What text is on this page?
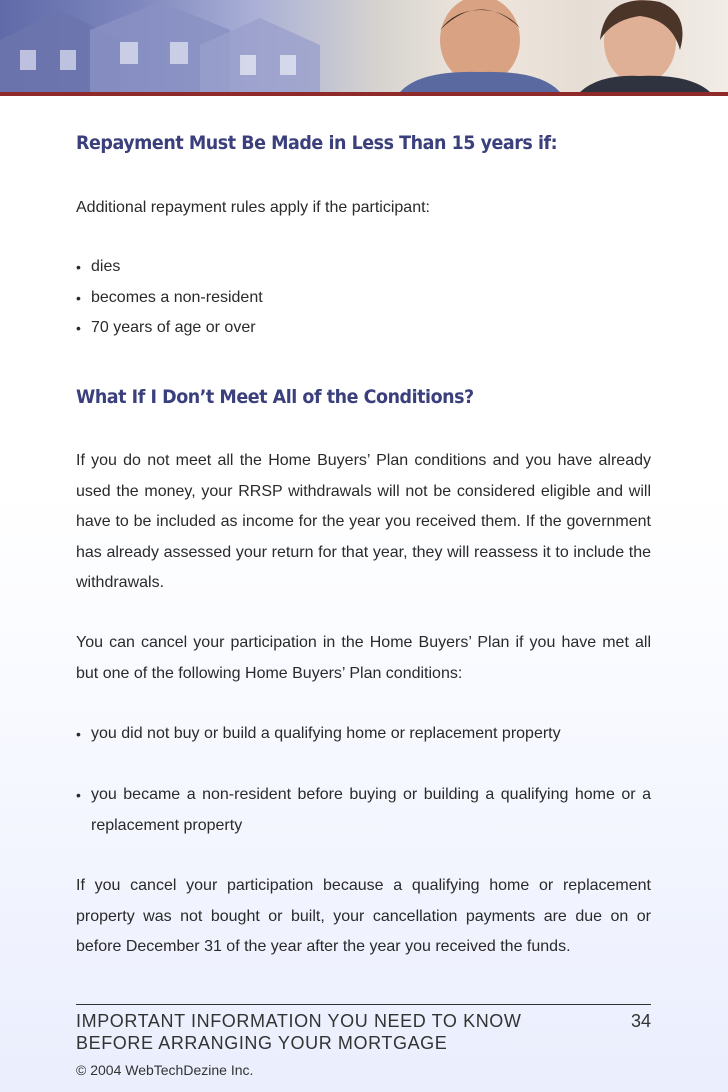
Repayment Must Be Made in Less Than 15 years if:

Additional repayment rules apply if the participant:

• dies
• becomes a non-resident
• 70 years of age or over
What If I Don’t Meet All of the Conditions?

If you do not meet all the Home Buyers’ Plan conditions and you have already used the money, your RRSP withdrawals will not be considered eligible and will have to be included as income for the year you received them. If the government has already assessed your return for that year, they will reassess it to include the withdrawals.

You can cancel your participation in the Home Buyers’ Plan if you have met all but one of the following Home Buyers’ Plan conditions:

• you did not buy or build a qualifying home or replacement property
• you became a non-resident before buying or building a qualifying home or a replacement property

If you cancel your participation because a qualifying home or replacement property was not bought or built, your cancellation payments are due on or before December 31 of the year after the year you received the funds.

IMPORTANT INFORMATION YOU NEED TO KNOW
BEFORE ARRANGING YOUR MORTGAGE
34
© 2004 WebTechDezine Inc.
